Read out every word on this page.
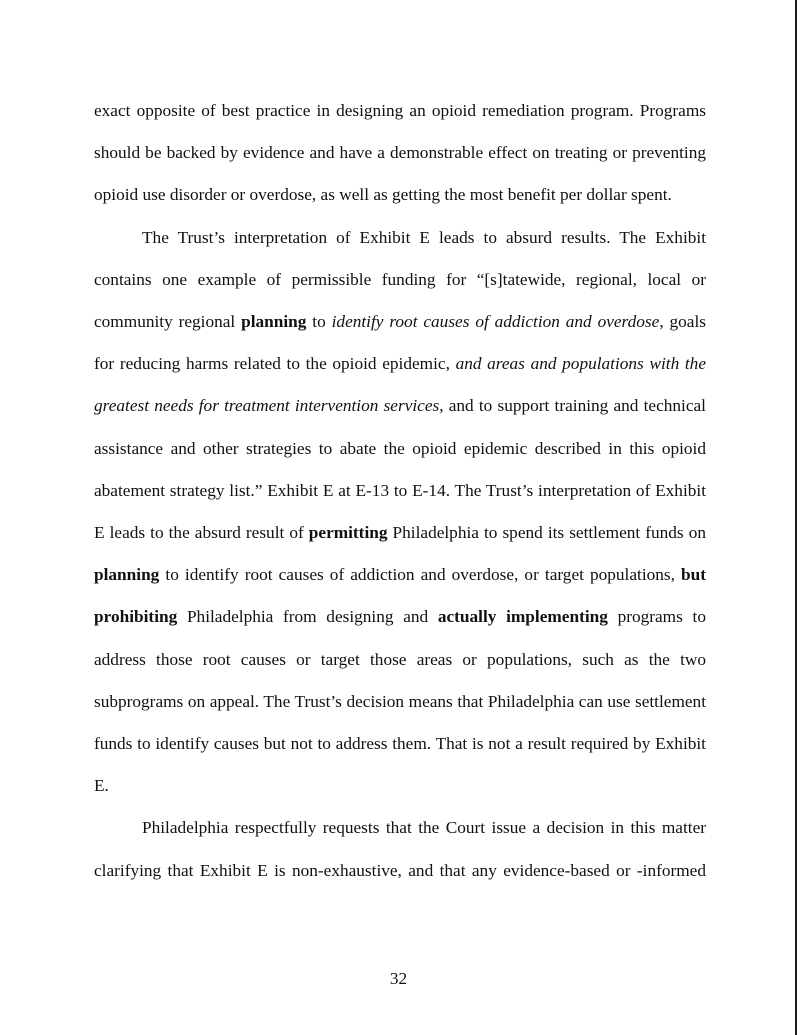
exact opposite of best practice in designing an opioid remediation program. Programs should be backed by evidence and have a demonstrable effect on treating or preventing opioid use disorder or overdose, as well as getting the most benefit per dollar spent.

The Trust’s interpretation of Exhibit E leads to absurd results. The Exhibit contains one example of permissible funding for “[s]tatewide, regional, local or community regional planning to identify root causes of addiction and overdose, goals for reducing harms related to the opioid epidemic, and areas and populations with the greatest needs for treatment intervention services, and to support training and technical assistance and other strategies to abate the opioid epidemic described in this opioid abatement strategy list.” Exhibit E at E-13 to E-14. The Trust’s interpretation of Exhibit E leads to the absurd result of permitting Philadelphia to spend its settlement funds on planning to identify root causes of addiction and overdose, or target populations, but prohibiting Philadelphia from designing and actually implementing programs to address those root causes or target those areas or populations, such as the two subprograms on appeal. The Trust’s decision means that Philadelphia can use settlement funds to identify causes but not to address them. That is not a result required by Exhibit E.

Philadelphia respectfully requests that the Court issue a decision in this matter clarifying that Exhibit E is non-exhaustive, and that any evidence-based or -informed

32
